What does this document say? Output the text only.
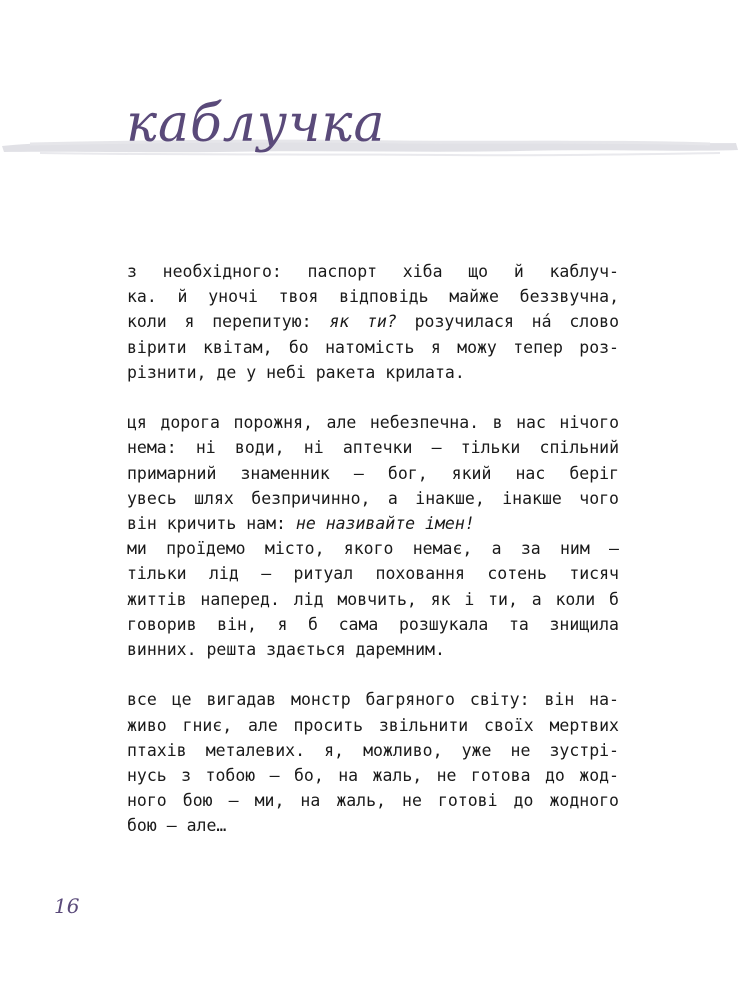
каблучка
з необхідного: паспорт хіба що й каблуч-
ка. й уночі твоя відповідь майже беззвучна,
коли я перепитую: як ти? розучилася нá слово
вірити квітам, бо натомість я можу тепер роз-
різнити, де у небі ракета крилата.
ця дорога порожня, але небезпечна. в нас нічого
нема: ні води, ні аптечки — тільки спільний
примарний знаменник — бог, який нас беріг
увесь шлях безпричинно, а інакше, інакше чого
він кричить нам: не називайте імен!
ми проїдемо місто, якого немає, а за ним —
тільки лід — ритуал поховання сотень тисяч
життів наперед. лід мовчить, як і ти, а коли б
говорив він, я б сама розшукала та знищила
винних. решта здається даремним.
все це вигадав монстр багряного світу: він на-
живо гниє, але просить звільнити своїх мертвих
птахів металевих. я, можливо, уже не зустрі-
нусь з тобою — бо, на жаль, не готова до жод-
ного бою — ми, на жаль, не готові до жодного
бою — але…
16
